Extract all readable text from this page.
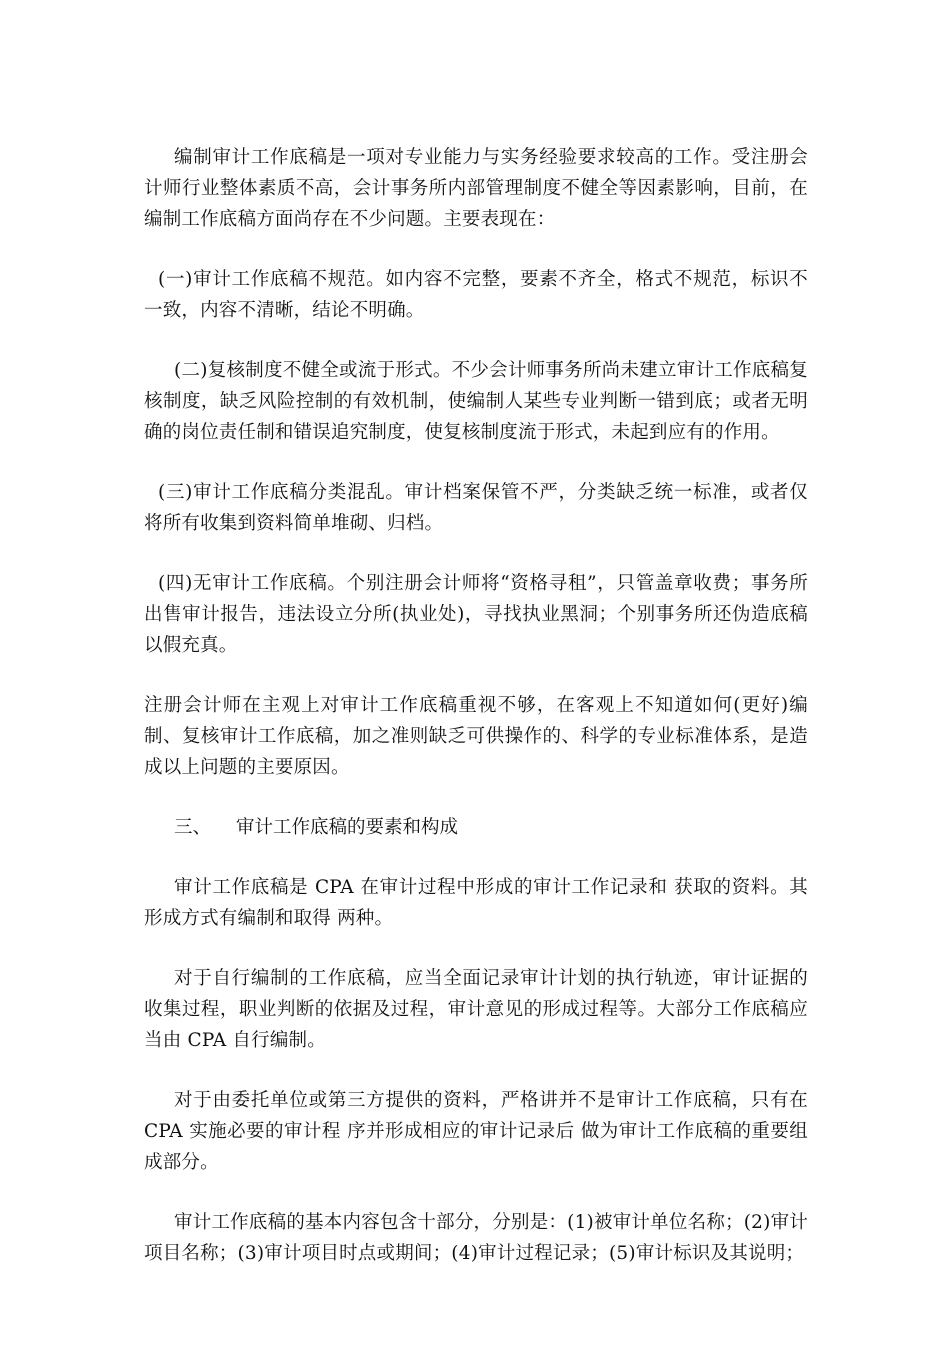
编制审计工作底稿是一项对专业能力与实务经验要求较高的工作。受注册会计师行业整体素质不高，会计事务所内部管理制度不健全等因素影响，目前，在编制工作底稿方面尚存在不少问题。主要表现在：

(一)审计工作底稿不规范。如内容不完整，要素不齐全，格式不规范，标识不一致，内容不清晰，结论不明确。

(二)复核制度不健全或流于形式。不少会计师事务所尚未建立审计工作底稿复核制度，缺乏风险控制的有效机制，使编制人某些专业判断一错到底；或者无明确的岗位责任制和错误追究制度，使复核制度流于形式，未起到应有的作用。

(三)审计工作底稿分类混乱。审计档案保管不严，分类缺乏统一标准，或者仅将所有收集到资料简单堆砌、归档。

(四)无审计工作底稿。个别注册会计师将“资格寻租”，只管盖章收费；事务所出售审计报告，违法设立分所(执业处)，寻找执业黑洞；个别事务所还伪造底稿以假充真。

注册会计师在主观上对审计工作底稿重视不够，在客观上不知道如何(更好)编制、复核审计工作底稿，加之准则缺乏可供操作的、科学的专业标准体系，是造成以上问题的主要原因。

三、 审计工作底稿的要素和构成

审计工作底稿是 CPA 在审计过程中形成的审计工作记录和 获取的资料。其形成方式有编制和取得 两种。

对于自行编制的工作底稿，应当全面记录审计计划的执行轨迹，审计证据的收集过程，职业判断的依据及过程，审计意见的形成过程等。大部分工作底稿应当由 CPA 自行编制。

对于由委托单位或第三方提供的资料，严格讲并不是审计工作底稿，只有在 CPA 实施必要的审计程 序并形成相应的审计记录后 做为审计工作底稿的重要组成部分。

审计工作底稿的基本内容包含十部分，分别是：(1)被审计单位名称；(2)审计项目名称；(3)审计项目时点或期间；(4)审计过程记录；(5)审计标识及其说明；
